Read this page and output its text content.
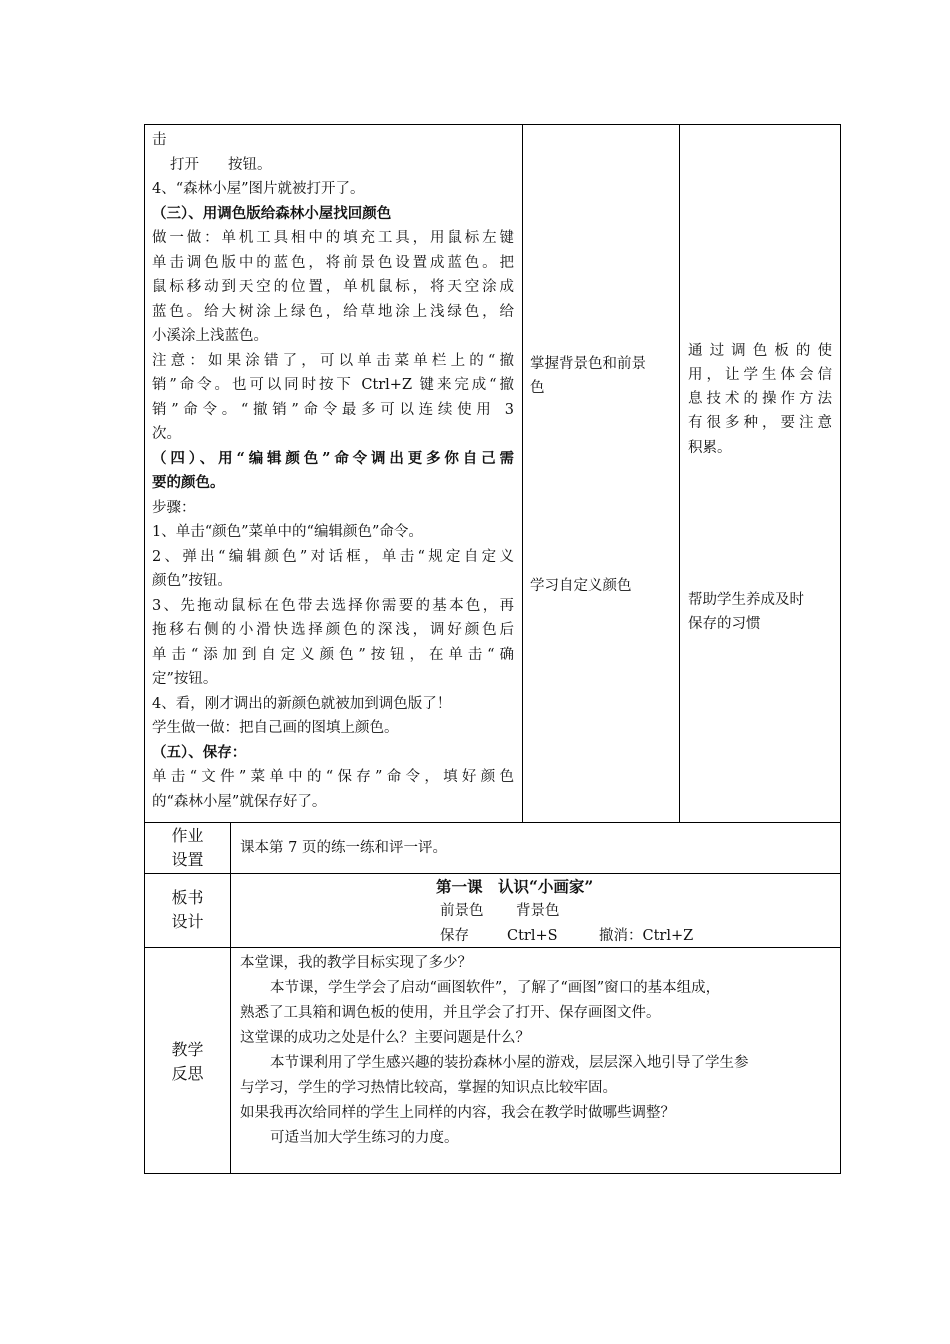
击
打开　　按钮。
4、“森林小屋”图片就被打开了。
（三）、用调色版给森林小屋找回颜色
做一做：单机工具相中的填充工具，用鼠标左键
单击调色版中的蓝色，将前景色设置成蓝色。把
鼠标移动到天空的位置，单机鼠标，将天空涂成
蓝色。给大树涂上绿色，给草地涂上浅绿色，给
小溪涂上浅蓝色。
注意：如果涂错了，可以单击菜单栏上的“撤
销”命令。也可以同时按下 Ctrl+Z 键来完成“撤
销”命令。“撤销”命令最多可以连续使用 3
次。
（四）、用“编辑颜色”命令调出更多你自己需
要的颜色。
步骤：
1、单击“颜色”菜单中的“编辑颜色”命令。
2、弹出“编辑颜色”对话框，单击“规定自定义
颜色”按钮。
3、先拖动鼠标在色带去选择你需要的基本色，再
拖移右侧的小滑快选择颜色的深浅，调好颜色后
单击“添加到自定义颜色”按钮，在单击“确
定”按钮。
4、看，刚才调出的新颜色就被加到调色版了！
学生做一做：把自己画的图填上颜色。
（五）、保存：
单击“文件”菜单中的“保存”命令，填好颜色
的“森林小屋”就保存好了。
掌握背景色和前景
色
学习自定义颜色
通过调色板的使
用，让学生体会信
息技术的操作方法
有很多种，要注意
积累。
帮助学生养成及时
保存的习惯
作业
设置
课本第 7 页的练一练和评一评。
板书
设计
第一课　认识“小画家”
前景色 背景色
保存	Ctrl+S	撤消：Ctrl+Z
教学
反思
本堂课，我的教学目标实现了多少？
本节课，学生学会了启动“画图软件”，了解了“画图”窗口的基本组成，
熟悉了工具箱和调色板的使用，并且学会了打开、保存画图文件。
这堂课的成功之处是什么？主要问题是什么？
本节课利用了学生感兴趣的装扮森林小屋的游戏，层层深入地引导了学生参
与学习，学生的学习热情比较高，掌握的知识点比较牢固。
如果我再次给同样的学生上同样的内容，我会在教学时做哪些调整？
可适当加大学生练习的力度。
